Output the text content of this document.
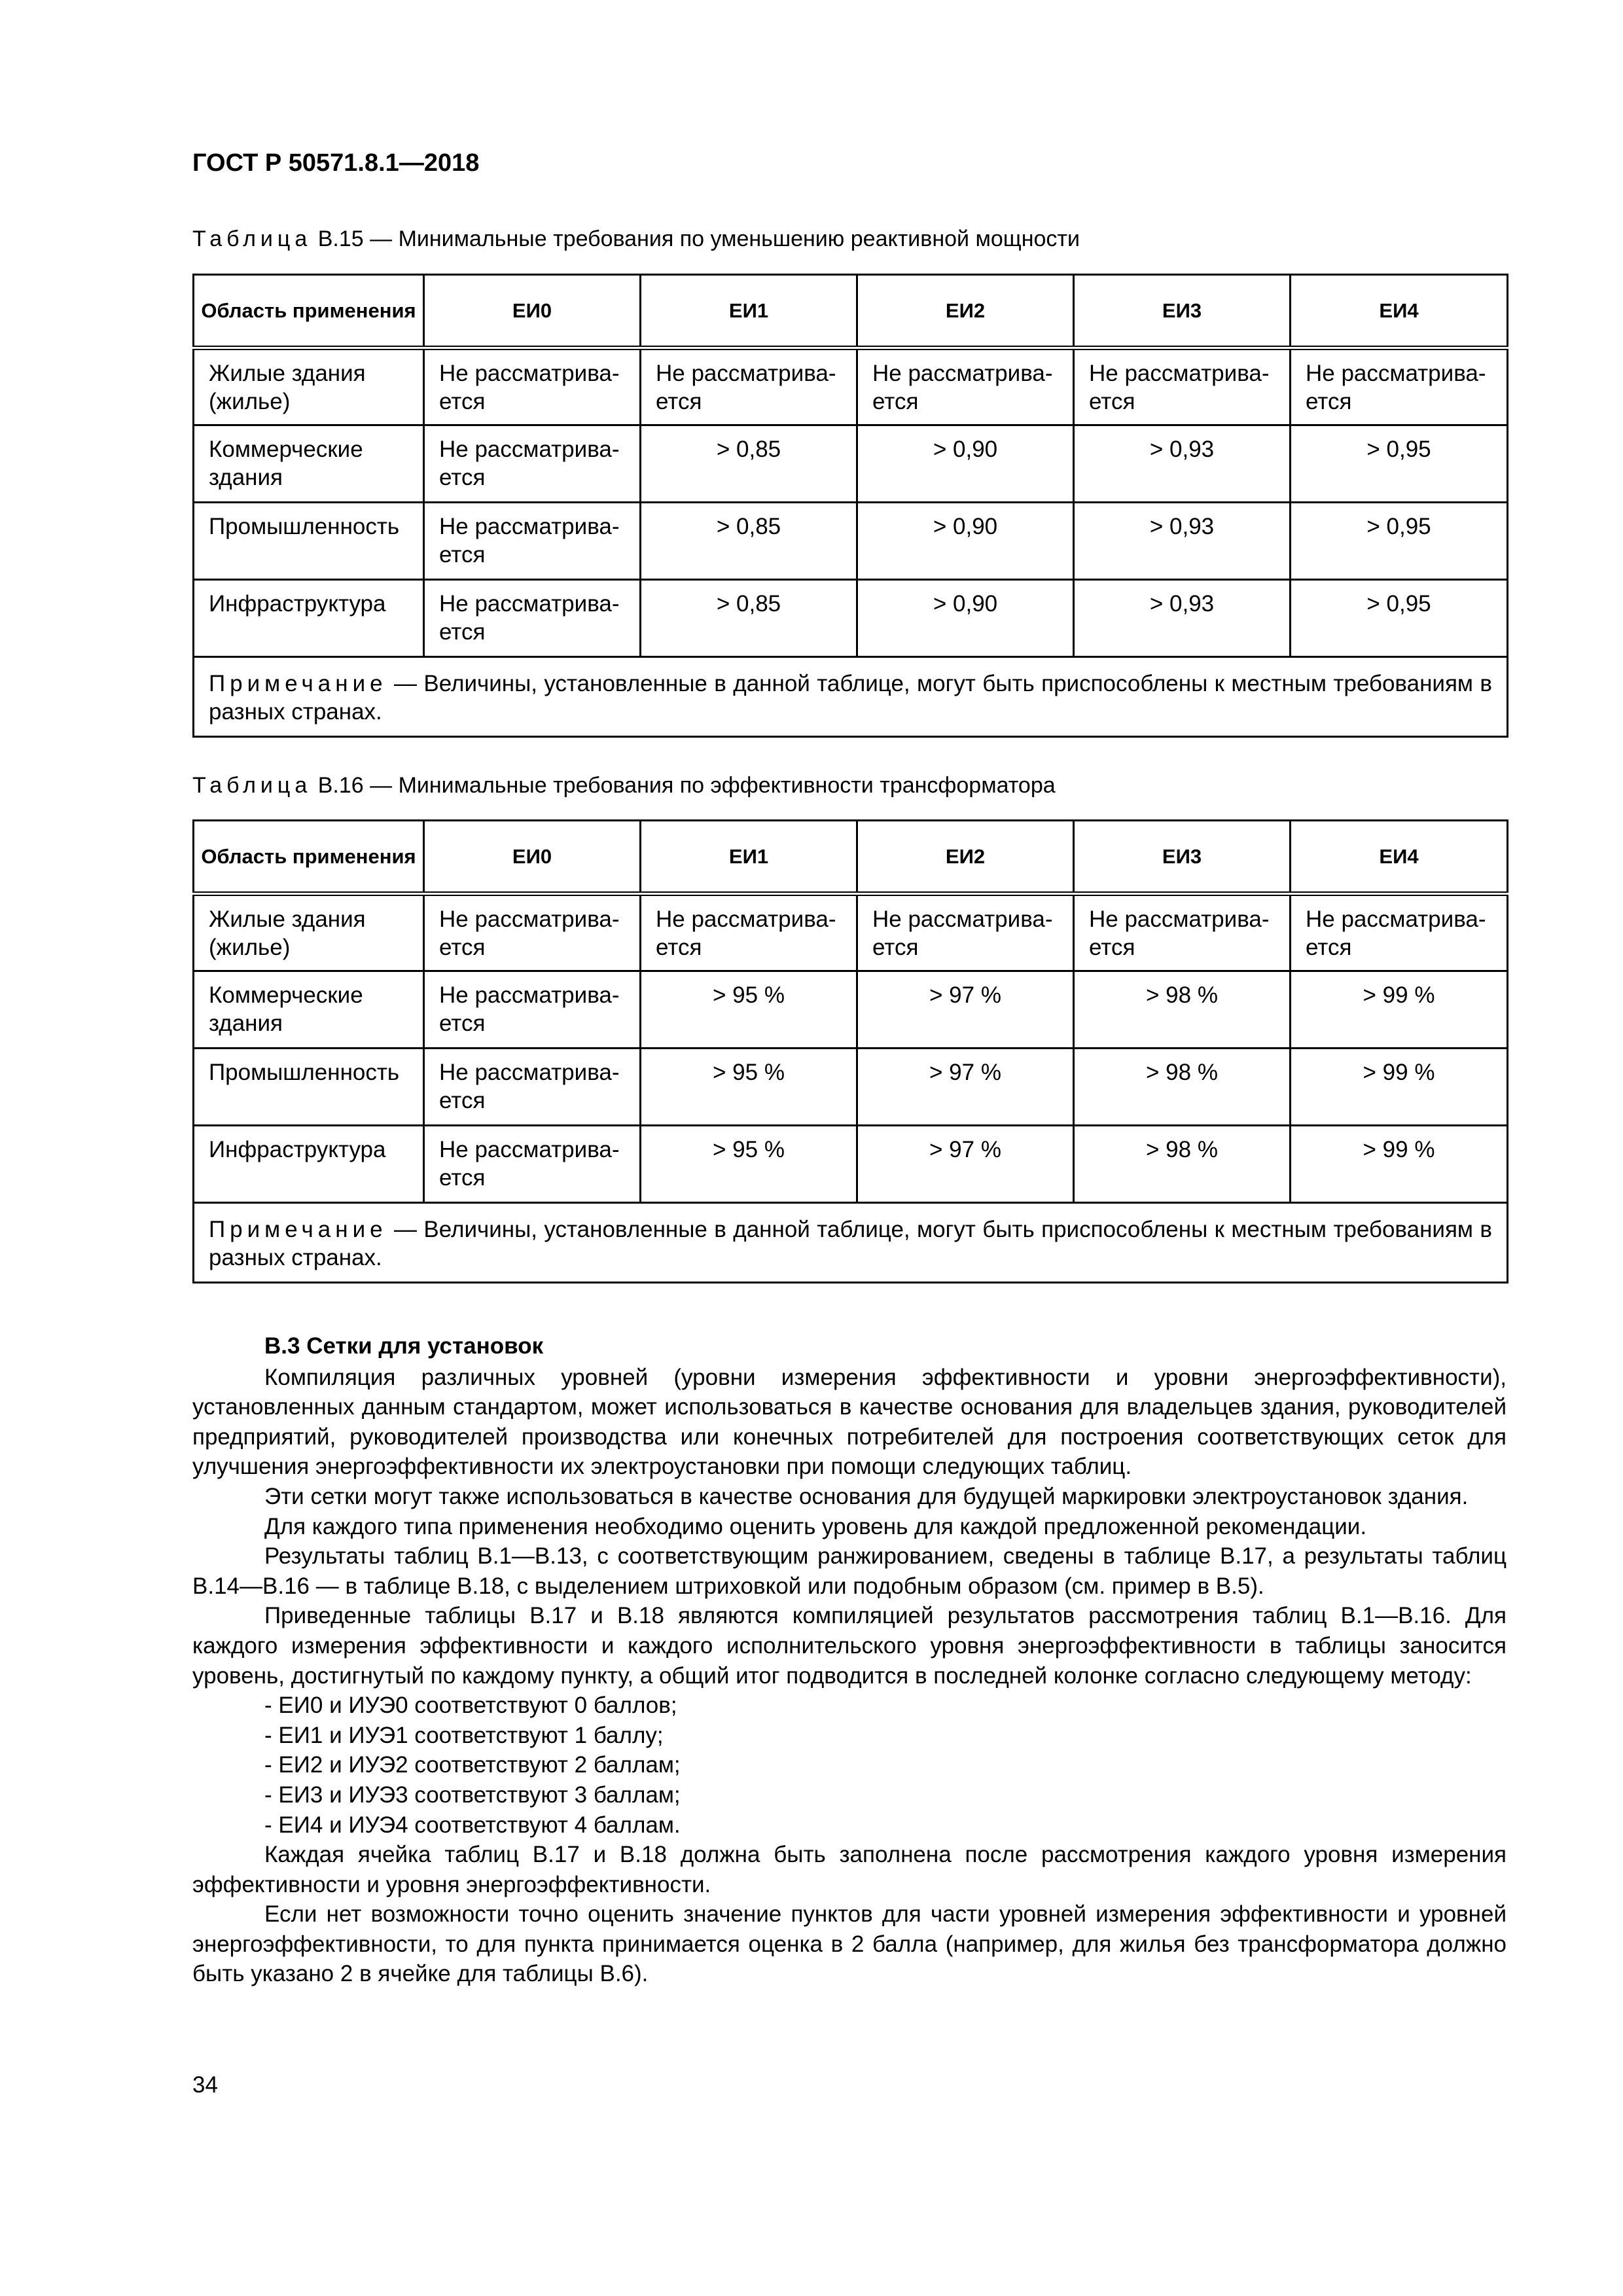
ГОСТ Р 50571.8.1—2018
Таблица В.15 — Минимальные требования по уменьшению реактивной мощности
Область применения	ЕИ0	ЕИ1	ЕИ2	ЕИ3	ЕИ4
Жилые здания (жилье)	Не рассматрива-ется	Не рассматрива-ется	Не рассматрива-ется	Не рассматрива-ется	Не рассматрива-ется
Коммерческие здания	Не рассматрива-ется	> 0,85	> 0,90	> 0,93	> 0,95
Промышленность	Не рассматрива-ется	> 0,85	> 0,90	> 0,93	> 0,95
Инфраструктура	Не рассматрива-ется	> 0,85	> 0,90	> 0,93	> 0,95
Примечание — Величины, установленные в данной таблице, могут быть приспособлены к местным требованиям в разных странах.					
Таблица В.16 — Минимальные требования по эффективности трансформатора
Область применения	ЕИ0	ЕИ1	ЕИ2	ЕИ3	ЕИ4
Жилые здания (жилье)	Не рассматрива-ется	Не рассматрива-ется	Не рассматрива-ется	Не рассматрива-ется	Не рассматрива-ется
Коммерческие здания	Не рассматрива-ется	> 95 %	> 97 %	> 98 %	> 99 %
Промышленность	Не рассматрива-ется	> 95 %	> 97 %	> 98 %	> 99 %
Инфраструктура	Не рассматрива-ется	> 95 %	> 97 %	> 98 %	> 99 %
Примечание — Величины, установленные в данной таблице, могут быть приспособлены к местным требованиям в разных странах.					

В.3 Сетки для установок

Компиляция различных уровней (уровни измерения эффективности и уровни энергоэффективности), установленных данным стандартом, может использоваться в качестве основания для владельцев здания, руководителей предприятий, руководителей производства или конечных потребителей для построения соответствующих сеток для улучшения энергоэффективности их электроустановки при помощи следующих таблиц.

Эти сетки могут также использоваться в качестве основания для будущей маркировки электроустановок здания.

Для каждого типа применения необходимо оценить уровень для каждой предложенной рекомендации.

Результаты таблиц В.1—В.13, с соответствующим ранжированием, сведены в таблице В.17, а результаты таблиц В.14—В.16 — в таблице В.18, с выделением штриховкой или подобным образом (см. пример в В.5).

Приведенные таблицы В.17 и В.18 являются компиляцией результатов рассмотрения таблиц В.1—В.16. Для каждого измерения эффективности и каждого исполнительского уровня энергоэффективности в таблицы заносится уровень, достигнутый по каждому пункту, а общий итог подводится в последней колонке согласно следующему методу:

- ЕИ0 и ИУЭ0 соответствуют 0 баллов;

- ЕИ1 и ИУЭ1 соответствуют 1 баллу;

- ЕИ2 и ИУЭ2 соответствуют 2 баллам;

- ЕИ3 и ИУЭ3 соответствуют 3 баллам;

- ЕИ4 и ИУЭ4 соответствуют 4 баллам.

Каждая ячейка таблиц В.17 и В.18 должна быть заполнена после рассмотрения каждого уровня измерения эффективности и уровня энергоэффективности.

Если нет возможности точно оценить значение пунктов для части уровней измерения эффективности и уровней энергоэффективности, то для пункта принимается оценка в 2 балла (например, для жилья без трансформатора должно быть указано 2 в ячейке для таблицы В.6).

34
